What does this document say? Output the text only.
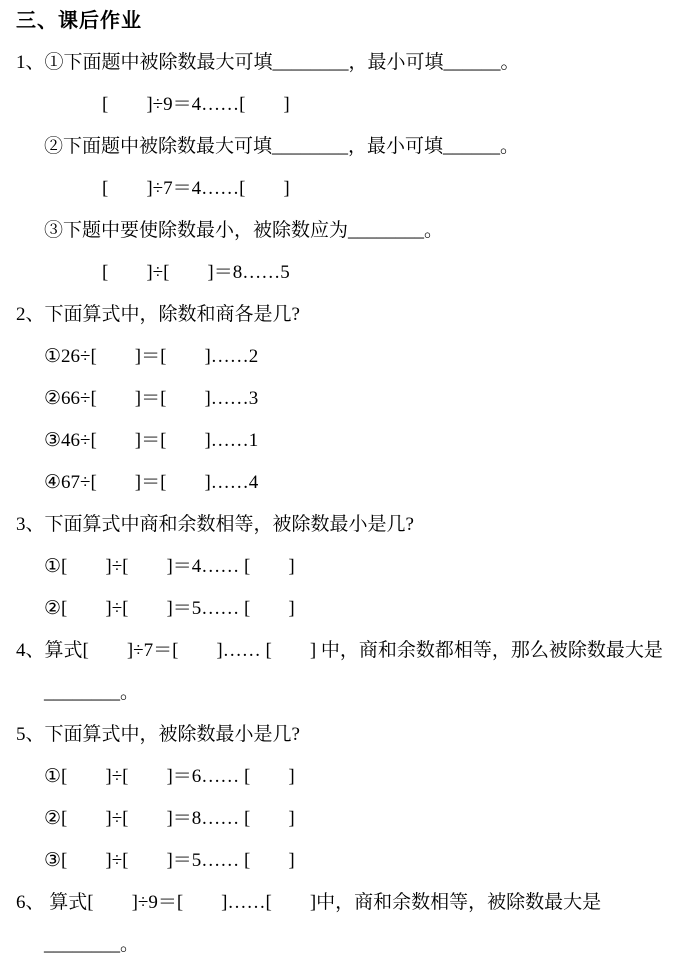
三、课后作业

1、①下面题中被除数最大可填________，最小可填______。

[　　]÷9＝4……[　　]

②下面题中被除数最大可填________，最小可填______。

[　　]÷7＝4……[　　]

③下题中要使除数最小，被除数应为________。

[　　]÷[　　]＝8……5

2、下面算式中，除数和商各是几?

①26÷[　　]＝[　　]……2

②66÷[　　]＝[　　]……3

③46÷[　　]＝[　　]……1

④67÷[　　]＝[　　]……4

3、下面算式中商和余数相等，被除数最小是几?

①[　　]÷[　　]＝4…… [　　]

②[　　]÷[　　]＝5…… [　　]

4、算式[　　]÷7＝[　　]…… [　　] 中，商和余数都相等，那么被除数最大是________。

5、下面算式中，被除数最小是几?

①[　　]÷[　　]＝6…… [　　]

②[　　]÷[　　]＝8…… [　　]

③[　　]÷[　　]＝5…… [　　]

6、 算式[　　]÷9＝[　　]……[　　]中，商和余数相等，被除数最大是________。
